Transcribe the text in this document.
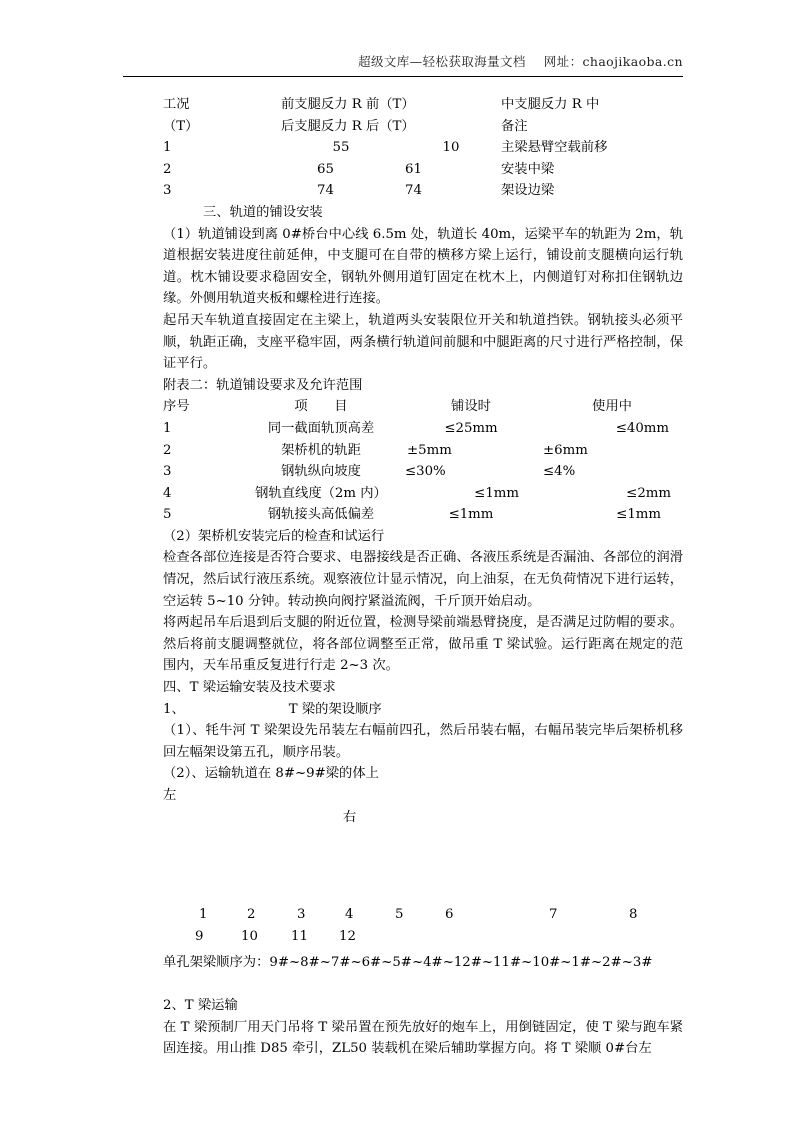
超级文库—轻松获取海量文档 网址：chaojikaoba.cn
工况	前支腿反力 R 前（T）		中支腿反力 R 中
（T）	后支腿反力 R 后（T）		备注
1	55	10	主梁悬臂空载前移
2	65	61	安装中梁
3	74	74	架设边梁
三、轨道的铺设安装

（1）轨道铺设到离 0#桥台中心线 6.5m 处，轨道长 40m，运梁平车的轨距为 2m，轨道根据安装进度往前延伸，中支腿可在自带的横移方梁上运行，铺设前支腿横向运行轨道。枕木铺设要求稳固安全，钢轨外侧用道钉固定在枕木上，内侧道钉对称扣住钢轨边缘。外侧用轨道夹板和螺栓进行连接。

起吊天车轨道直接固定在主梁上，轨道两头安装限位开关和轨道挡铁。钢轨接头必须平顺，轨距正确，支座平稳牢固，两条横行轨道间前腿和中腿距离的尺寸进行严格控制，保证平行。

附表二：轨道铺设要求及允许范围
序号	项　　目	铺设时	使用中
1	同一截面轨顶高差	≤25mm	≤40mm
2	架桥机的轨距	±5mm	±6mm
3	钢轨纵向坡度	≤30%	≤4%
4	钢轨直线度（2m 内）	≤1mm	≤2mm
5	钢轨接头高低偏差	≤1mm	≤1mm
（2）架桥机安装完后的检查和试运行

检查各部位连接是否符合要求、电器接线是否正确、各液压系统是否漏油、各部位的润滑情况，然后试行液压系统。观察液位计显示情况，向上油泵，在无负荷情况下进行运转，空运转 5~10 分钟。转动换向阀拧紧溢流阀，千斤顶开始启动。

将两起吊车后退到后支腿的附近位置，检测导梁前端悬臂挠度，是否满足过防帽的要求。然后将前支腿调整就位，将各部位调整至正常，做吊重 T 梁试验。运行距离在规定的范围内，天车吊重反复进行行走 2~3 次。

四、T 梁运输安装及技术要求
1、	T 梁的架设顺序

（1）、牦牛河 T 梁架设先吊装左右幅前四孔，然后吊装右幅，右幅吊装完毕后架桥机移回左幅架设第五孔，顺序吊装。

（2）、运输轨道在 8#~9#梁的体上
左
右
1	2	3	4	5	6	7	8
9	10 11 12
单孔架梁顺序为：9#~8#~7#~6#~5#~4#~12#~11#~10#~1#~2#~3#
2、T 梁运输

在 T 梁预制厂用天门吊将 T 梁吊置在预先放好的炮车上，用倒链固定，使 T 梁与跑车紧固连接。用山推 D85 牵引，ZL50 装载机在梁后辅助掌握方向。将 T 梁顺 0#台左
